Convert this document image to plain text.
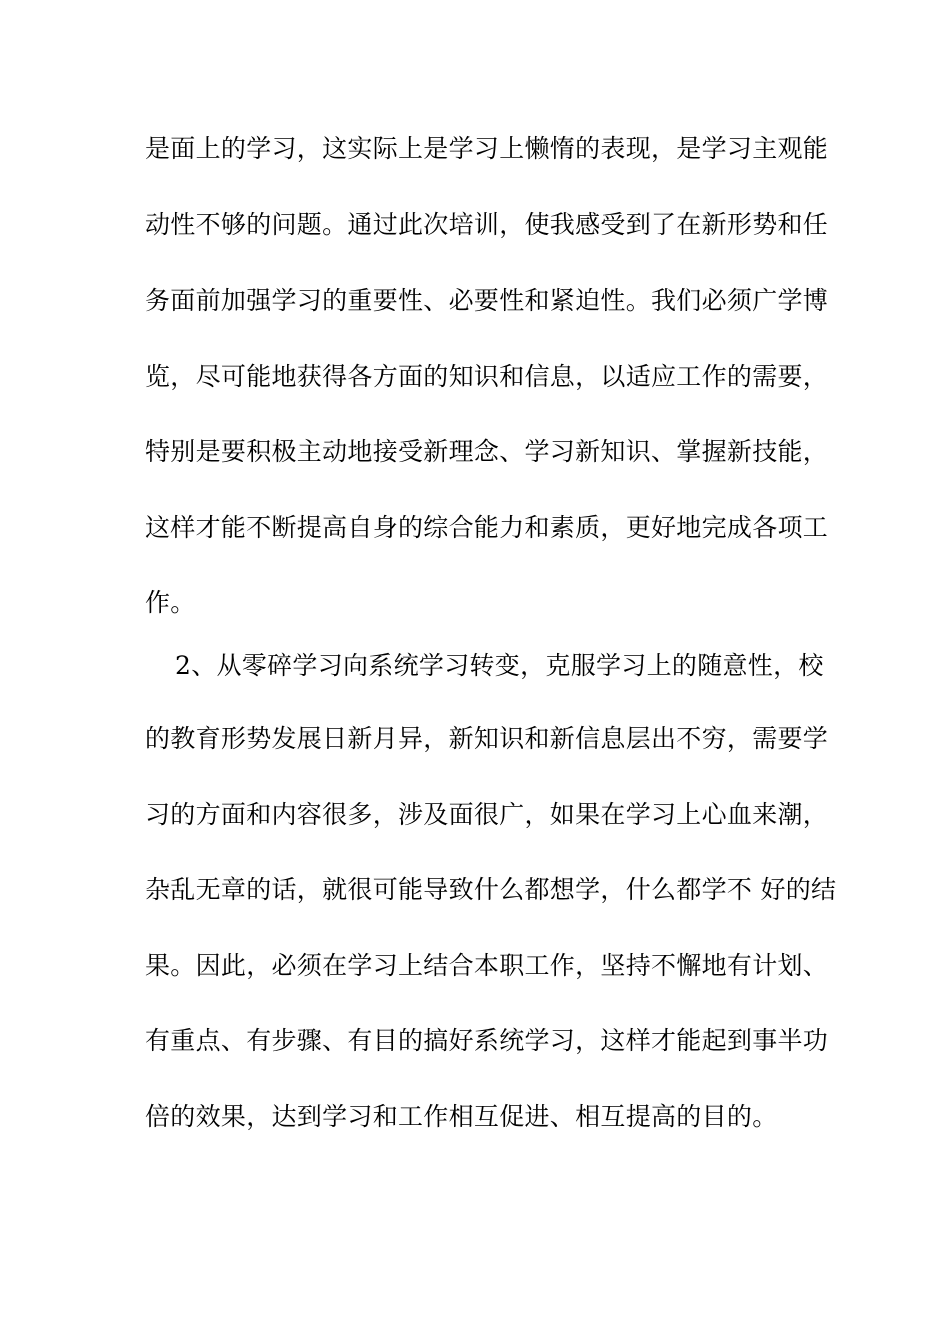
是面上的学习，这实际上是学习上懒惰的表现，是学习主观能
动性不够的问题。通过此次培训，使我感受到了在新形势和任
务面前加强学习的重要性、必要性和紧迫性。我们必须广学博
览，尽可能地获得各方面的知识和信息，以适应工作的需要，
特别是要积极主动地接受新理念、学习新知识、掌握新技能，
这样才能不断提高自身的综合能力和素质，更好地完成各项工
作。
2、从零碎学习向系统学习转变，克服学习上的随意性，校
的教育形势发展日新月异，新知识和新信息层出不穷，需要学
习的方面和内容很多，涉及面很广，如果在学习上心血来潮，
杂乱无章的话，就很可能导致什么都想学，什么都学不 好的结
果。因此，必须在学习上结合本职工作，坚持不懈地有计划、
有重点、有步骤、有目的搞好系统学习，这样才能起到事半功
倍的效果，达到学习和工作相互促进、相互提高的目的。
